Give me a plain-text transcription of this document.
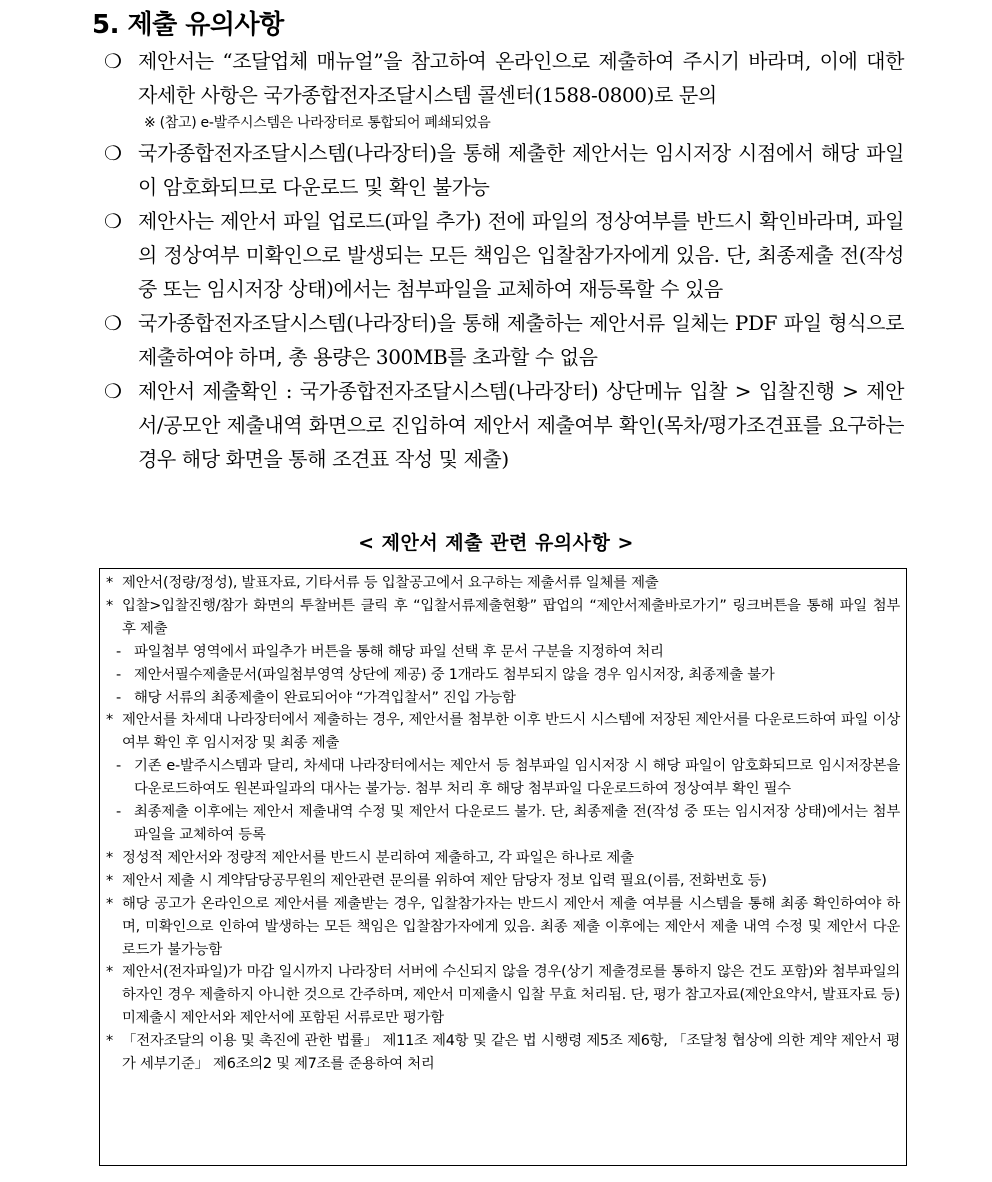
5. 제출 유의사항
❍ 제안서는 “조달업체 매뉴얼”을 참고하여 온라인으로 제출하여 주시기 바라며, 이에 대한 자세한 사항은 국가종합전자조달시스템 콜센터(1588-0800)로 문의
※ (참고) e-발주시스템은 나라장터로 통합되어 폐쇄되었음
❍ 국가종합전자조달시스템(나라장터)을 통해 제출한 제안서는 임시저장 시점에서 해당 파일이 암호화되므로 다운로드 및 확인 불가능
❍ 제안사는 제안서 파일 업로드(파일 추가) 전에 파일의 정상여부를 반드시 확인바라며, 파일의 정상여부 미확인으로 발생되는 모든 책임은 입찰참가자에게 있음. 단, 최종제출 전(작성 중 또는 임시저장 상태)에서는 첨부파일을 교체하여 재등록할 수 있음
❍ 국가종합전자조달시스템(나라장터)을 통해 제출하는 제안서류 일체는 PDF 파일 형식으로 제출하여야 하며, 총 용량은 300MB를 초과할 수 없음
❍ 제안서 제출확인 : 국가종합전자조달시스템(나라장터) 상단메뉴 입찰 > 입찰진행 > 제안서/공모안 제출내역 화면으로 진입하여 제안서 제출여부 확인(목차/평가조견표를 요구하는 경우 해당 화면을 통해 조견표 작성 및 제출)
< 제안서 제출 관련 유의사항 >
* 제안서(정량/정성), 발표자료, 기타서류 등 입찰공고에서 요구하는 제출서류 일체를 제출
* 입찰>입찰진행/참가 화면의 투찰버튼 클릭 후 “입찰서류제출현황” 팝업의 “제안서제출바로가기” 링크버튼을 통해 파일 첨부 후 제출
- 파일첨부 영역에서 파일추가 버튼을 통해 해당 파일 선택 후 문서 구분을 지정하여 처리
- 제안서필수제출문서(파일첨부영역 상단에 제공) 중 1개라도 첨부되지 않을 경우 임시저장, 최종제출 불가
- 해당 서류의 최종제출이 완료되어야 “가격입찰서” 진입 가능함
* 제안서를 차세대 나라장터에서 제출하는 경우, 제안서를 첨부한 이후 반드시 시스템에 저장된 제안서를 다운로드하여 파일 이상여부 확인 후 임시저장 및 최종 제출
- 기존 e-발주시스템과 달리, 차세대 나라장터에서는 제안서 등 첨부파일 임시저장 시 해당 파일이 암호화되므로 임시저장본을 다운로드하여도 원본파일과의 대사는 불가능. 첨부 처리 후 해당 첨부파일 다운로드하여 정상여부 확인 필수
- 최종제출 이후에는 제안서 제출내역 수정 및 제안서 다운로드 불가. 단, 최종제출 전(작성 중 또는 임시저장 상태)에서는 첨부파일을 교체하여 등록
* 정성적 제안서와 정량적 제안서를 반드시 분리하여 제출하고, 각 파일은 하나로 제출
* 제안서 제출 시 계약담당공무원의 제안관련 문의를 위하여 제안 담당자 정보 입력 필요(이름, 전화번호 등)
* 해당 공고가 온라인으로 제안서를 제출받는 경우, 입찰참가자는 반드시 제안서 제출 여부를 시스템을 통해 최종 확인하여야 하며, 미확인으로 인하여 발생하는 모든 책임은 입찰참가자에게 있음. 최종 제출 이후에는 제안서 제출 내역 수정 및 제안서 다운로드가 불가능함
* 제안서(전자파일)가 마감 일시까지 나라장터 서버에 수신되지 않을 경우(상기 제출경로를 통하지 않은 건도 포함)와 첨부파일의 하자인 경우 제출하지 아니한 것으로 간주하며, 제안서 미제출시 입찰 무효 처리됨. 단, 평가 참고자료(제안요약서, 발표자료 등) 미제출시 제안서와 제안서에 포함된 서류로만 평가함
* 「전자조달의 이용 및 촉진에 관한 법률」 제11조 제4항 및 같은 법 시행령 제5조 제6항, 「조달청 협상에 의한 계약 제안서 평가 세부기준」 제6조의2 및 제7조를 준용하여 처리
